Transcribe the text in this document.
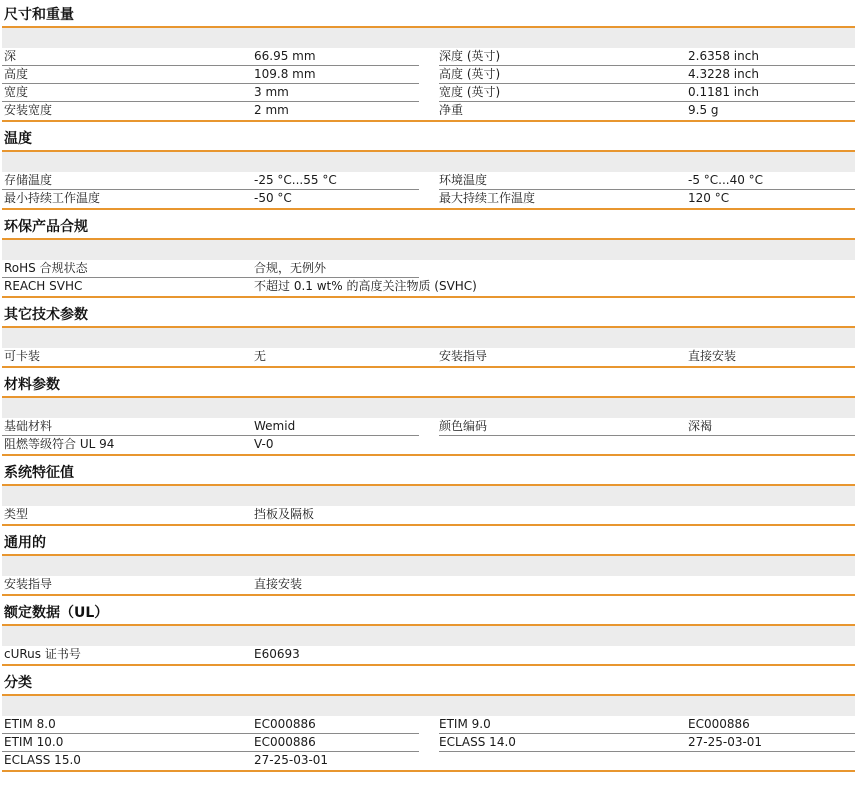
尺寸和重量
深	66.95 mm	深度 (英寸)	2.6358 inch
高度	109.8 mm	高度 (英寸)	4.3228 inch
宽度	3 mm	宽度 (英寸)	0.1181 inch
安装宽度	2 mm	净重	9.5 g
温度
存储温度	-25 °C...55 °C	环境温度	-5 °C...40 °C
最小持续工作温度	-50 °C	最大持续工作温度	120 °C
环保产品合规
RoHS 合规状态	合规，无例外
REACH SVHC	不超过 0.1 wt% 的高度关注物质 (SVHC)
其它技术参数
可卡装	无	安装指导	直接安装
材料参数
基础材料	Wemid	颜色编码	深褐
阻燃等级符合 UL 94	V-0
系统特征值
类型	挡板及隔板
通用的
安装指导	直接安装
额定数据（UL）
cURus 证书号	E60693
分类
ETIM 8.0	EC000886	ETIM 9.0	EC000886
ETIM 10.0	EC000886	ECLASS 14.0	27-25-03-01
ECLASS 15.0	27-25-03-01
